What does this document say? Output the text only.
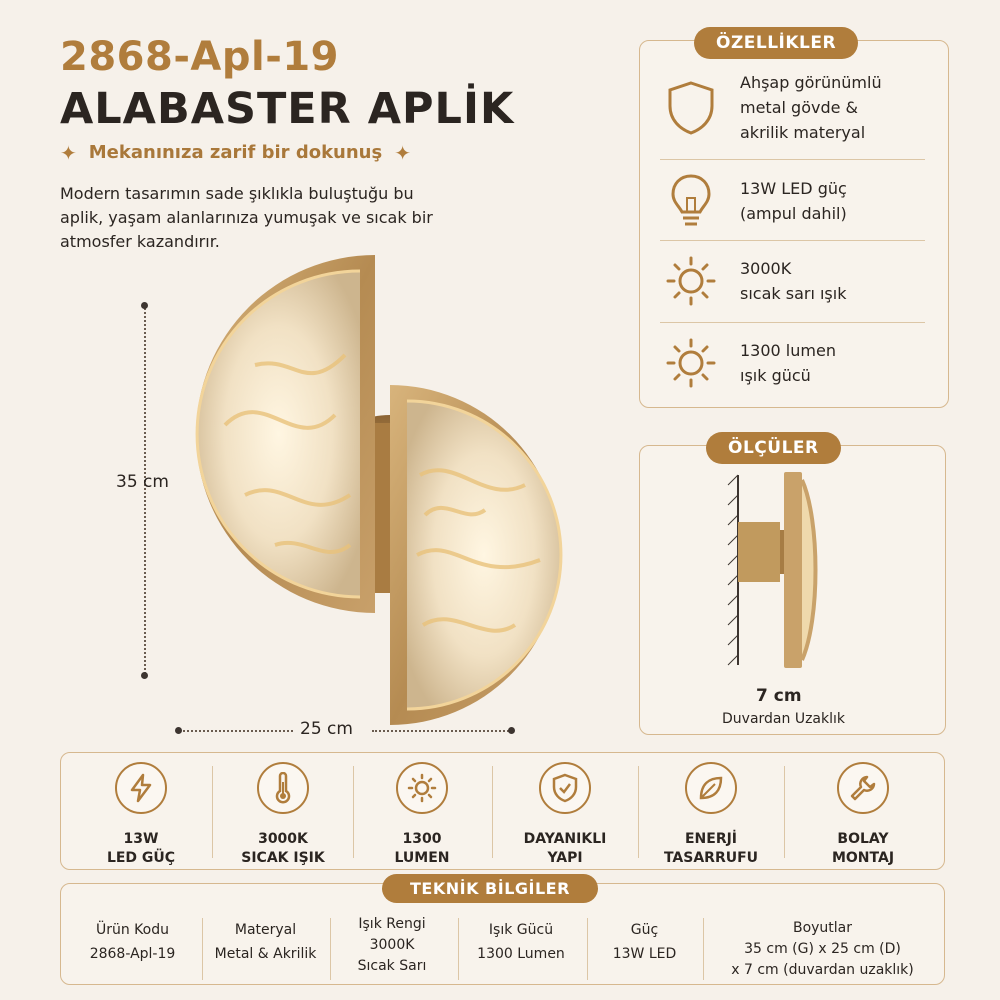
2868-Apl-19
ALABASTER APLİK
✦ Mekanınıza zarif bir dokunuş ✦
Modern tasarımın sade şıklıkla buluştuğu bu aplik, yaşam alanlarınıza yumuşak ve sıcak bir atmosfer kazandırır.
35 cm
25 cm
ÖZELLİKLER
Ahşap görünümlü
metal gövde &
akrilik materyal
13W LED güç
(ampul dahil)
3000K
sıcak sarı ışık
1300 lumen
ışık gücü
ÖLÇÜLER
7 cm
Duvardan Uzaklık
13W
LED GÜÇ
3000K
SICAK IŞIK
1300
LUMEN
DAYANIKLI
YAPI
ENERJİ
TASARRUFU
BOLAY
MONTAJ
TEKNİK BİLGİLER
Ürün Kodu
2868-Apl-19
Materyal
Metal & Akrilik
Işık Rengi
3000K
Sıcak Sarı
Işık Gücü
1300 Lumen
Güç
13W LED
Boyutlar
35 cm (G) x 25 cm (D)
x 7 cm (duvardan uzaklık)
